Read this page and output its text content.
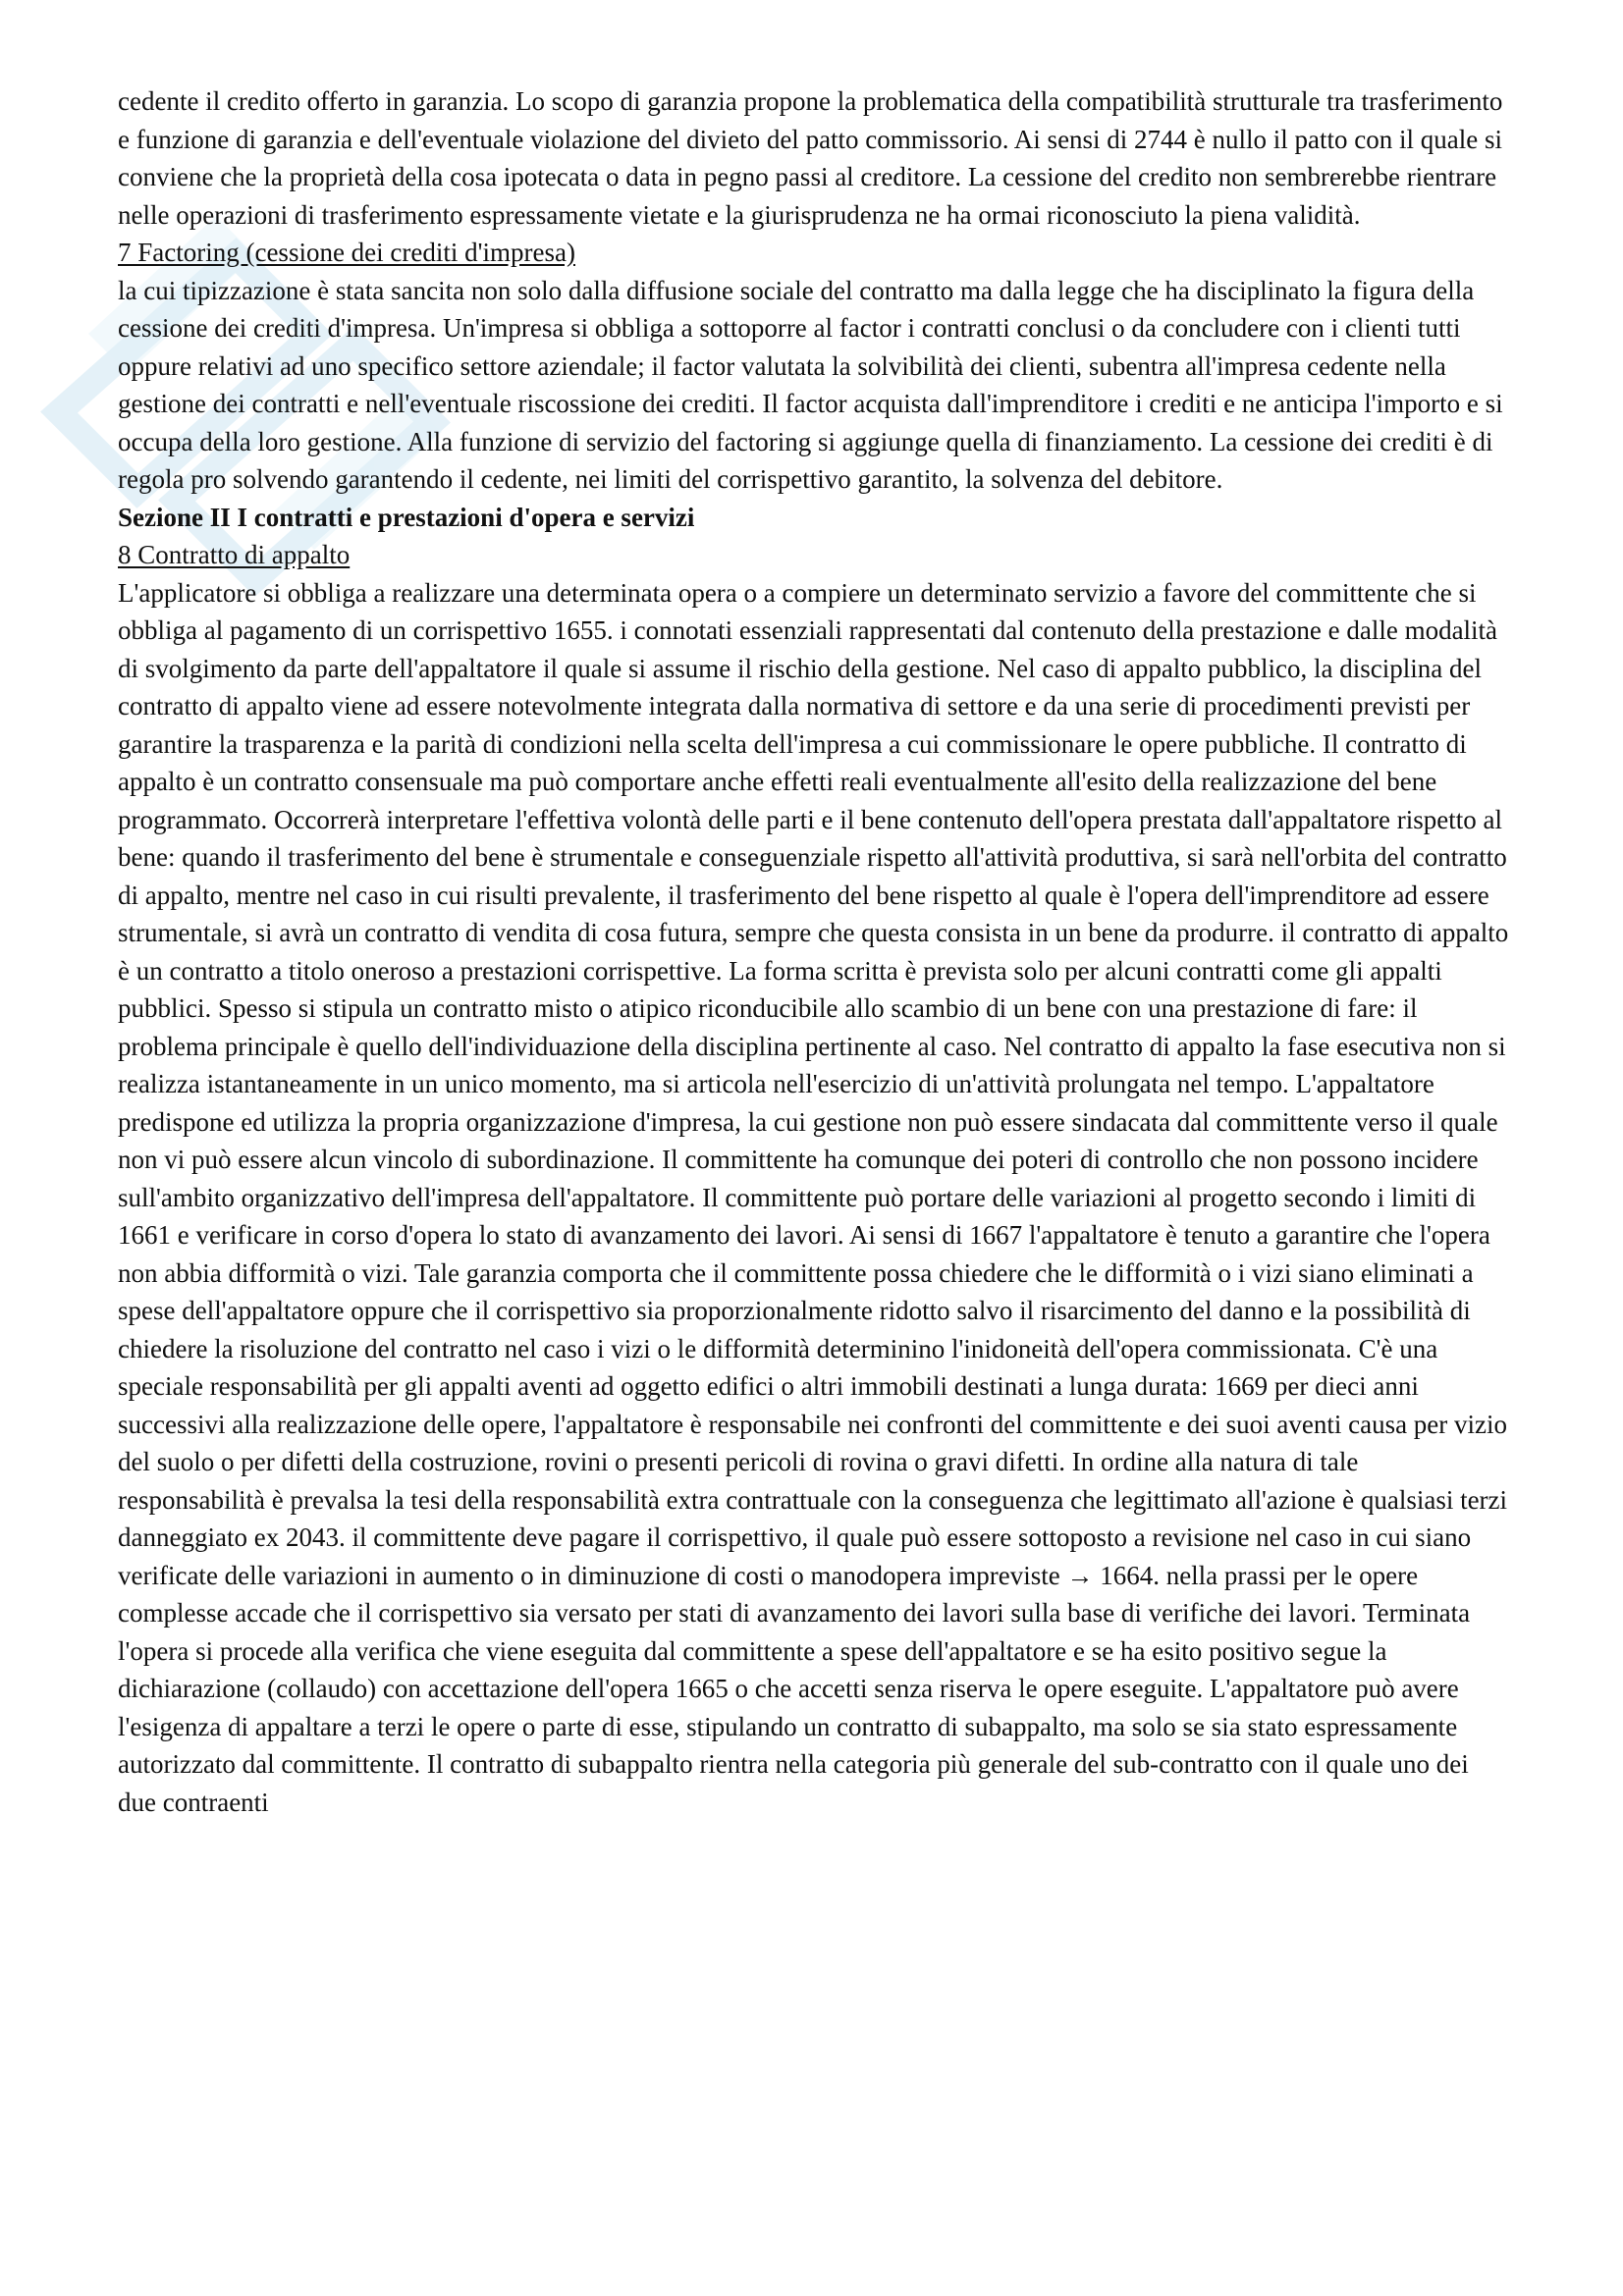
cedente il credito offerto in garanzia. Lo scopo di garanzia propone la problematica della compatibilità strutturale tra trasferimento e funzione di garanzia e dell'eventuale violazione del divieto del patto commissorio. Ai sensi di 2744 è nullo il patto con il quale si conviene che la proprietà della cosa ipotecata o data in pegno passi al creditore. La cessione del credito non sembrerebbe rientrare nelle operazioni di trasferimento espressamente vietate e la giurisprudenza ne ha ormai riconosciuto la piena validità.

7 Factoring (cessione dei crediti d'impresa)

la cui tipizzazione è stata sancita non solo dalla diffusione sociale del contratto ma dalla legge che ha disciplinato la figura della cessione dei crediti d'impresa. Un'impresa si obbliga a sottoporre al factor i contratti conclusi o da concludere con i clienti tutti oppure relativi ad uno specifico settore aziendale; il factor valutata la solvibilità dei clienti, subentra all'impresa cedente nella gestione dei contratti e nell'eventuale riscossione dei crediti. Il factor acquista dall'imprenditore i crediti e ne anticipa l'importo e si occupa della loro gestione. Alla funzione di servizio del factoring si aggiunge quella di finanziamento. La cessione dei crediti è di regola pro solvendo garantendo il cedente, nei limiti del corrispettivo garantito, la solvenza del debitore.

Sezione II I contratti e prestazioni d'opera e servizi

8 Contratto di appalto

L'applicatore si obbliga a realizzare una determinata opera o a compiere un determinato servizio a favore del committente che si obbliga al pagamento di un corrispettivo 1655. i connotati essenziali rappresentati dal contenuto della prestazione e dalle modalità di svolgimento da parte dell'appaltatore il quale si assume il rischio della gestione. Nel caso di appalto pubblico, la disciplina del contratto di appalto viene ad essere notevolmente integrata dalla normativa di settore e da una serie di procedimenti previsti per garantire la trasparenza e la parità di condizioni nella scelta dell'impresa a cui commissionare le opere pubbliche. Il contratto di appalto è un contratto consensuale ma può comportare anche effetti reali eventualmente all'esito della realizzazione del bene programmato. Occorrerà interpretare l'effettiva volontà delle parti e il bene contenuto dell'opera prestata dall'appaltatore rispetto al bene: quando il trasferimento del bene è strumentale e conseguenziale rispetto all'attività produttiva, si sarà nell'orbita del contratto di appalto, mentre nel caso in cui risulti prevalente, il trasferimento del bene rispetto al quale è l'opera dell'imprenditore ad essere strumentale, si avrà un contratto di vendita di cosa futura, sempre che questa consista in un bene da produrre. il contratto di appalto è un contratto a titolo oneroso a prestazioni corrispettive. La forma scritta è prevista solo per alcuni contratti come gli appalti pubblici. Spesso si stipula un contratto misto o atipico riconducibile allo scambio di un bene con una prestazione di fare: il problema principale è quello dell'individuazione della disciplina pertinente al caso. Nel contratto di appalto la fase esecutiva non si realizza istantaneamente in un unico momento, ma si articola nell'esercizio di un'attività prolungata nel tempo. L'appaltatore predispone ed utilizza la propria organizzazione d'impresa, la cui gestione non può essere sindacata dal committente verso il quale non vi può essere alcun vincolo di subordinazione. Il committente ha comunque dei poteri di controllo che non possono incidere sull'ambito organizzativo dell'impresa dell'appaltatore. Il committente può portare delle variazioni al progetto secondo i limiti di 1661 e verificare in corso d'opera lo stato di avanzamento dei lavori. Ai sensi di 1667 l'appaltatore è tenuto a garantire che l'opera non abbia difformità o vizi. Tale garanzia comporta che il committente possa chiedere che le difformità o i vizi siano eliminati a spese dell'appaltatore oppure che il corrispettivo sia proporzionalmente ridotto salvo il risarcimento del danno e la possibilità di chiedere la risoluzione del contratto nel caso i vizi o le difformità determinino l'inidoneità dell'opera commissionata. C'è una speciale responsabilità per gli appalti aventi ad oggetto edifici o altri immobili destinati a lunga durata: 1669 per dieci anni successivi alla realizzazione delle opere, l'appaltatore è responsabile nei confronti del committente e dei suoi aventi causa per vizio del suolo o per difetti della costruzione, rovini o presenti pericoli di rovina o gravi difetti. In ordine alla natura di tale responsabilità è prevalsa la tesi della responsabilità extra contrattuale con la conseguenza che legittimato all'azione è qualsiasi terzi danneggiato ex 2043. il committente deve pagare il corrispettivo, il quale può essere sottoposto a revisione nel caso in cui siano verificate delle variazioni in aumento o in diminuzione di costi o manodopera impreviste → 1664. nella prassi per le opere complesse accade che il corrispettivo sia versato per stati di avanzamento dei lavori sulla base di verifiche dei lavori. Terminata l'opera si procede alla verifica che viene eseguita dal committente a spese dell'appaltatore e se ha esito positivo segue la dichiarazione (collaudo) con accettazione dell'opera 1665 o che accetti senza riserva le opere eseguite. L'appaltatore può avere l'esigenza di appaltare a terzi le opere o parte di esse, stipulando un contratto di subappalto, ma solo se sia stato espressamente autorizzato dal committente. Il contratto di subappalto rientra nella categoria più generale del sub-contratto con il quale uno dei due contraenti
